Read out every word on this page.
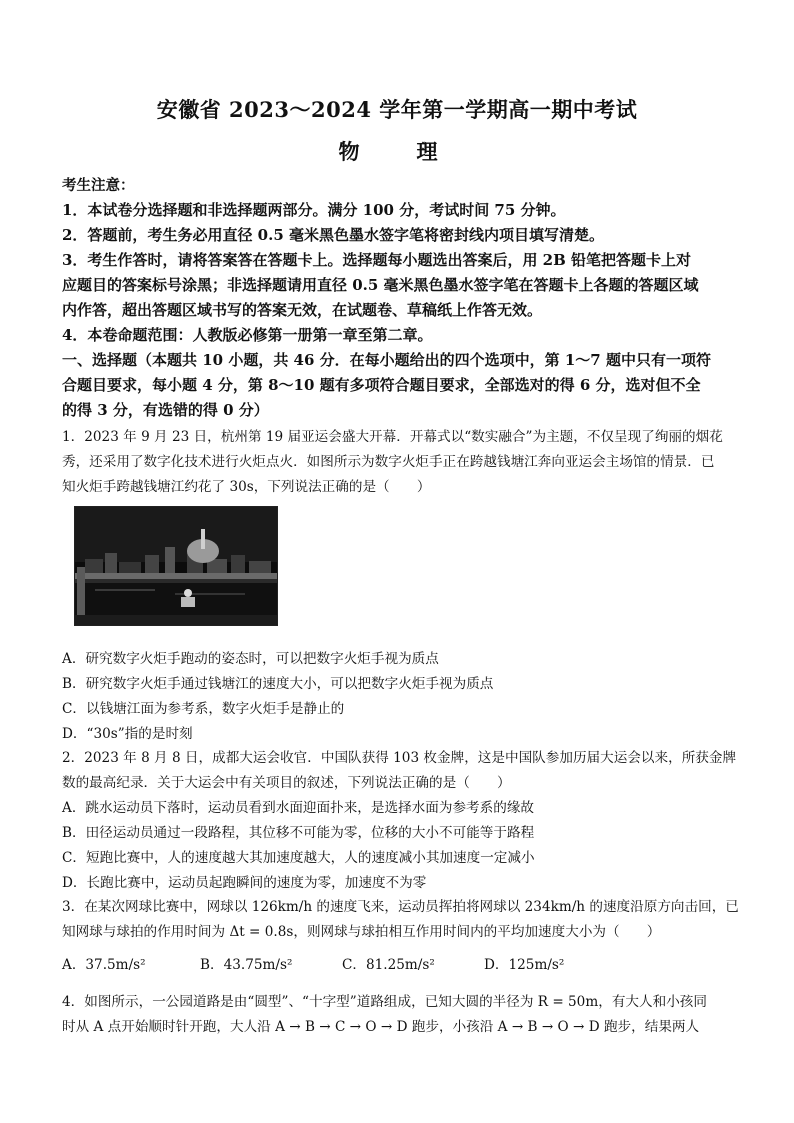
安徽省 2023～2024 学年第一学期高一期中考试
物　理
考生注意：
1．本试卷分选择题和非选择题两部分。满分 100 分，考试时间 75 分钟。
2．答题前，考生务必用直径 0.5 毫米黑色墨水签字笔将密封线内项目填写清楚。
3．考生作答时，请将答案答在答题卡上。选择题每小题选出答案后，用 2B 铅笔把答题卡上对
应题目的答案标号涂黑；非选择题请用直径 0.5 毫米黑色墨水签字笔在答题卡上各题的答题区域
内作答，超出答题区域书写的答案无效，在试题卷、草稿纸上作答无效。
4．本卷命题范围：人教版必修第一册第一章至第二章。
一、选择题（本题共 10 小题，共 46 分．在每小题给出的四个选项中，第 1～7 题中只有一项符
合题目要求，每小题 4 分，第 8～10 题有多项符合题目要求，全部选对的得 6 分，选对但不全
的得 3 分，有选错的得 0 分）
1．2023 年 9 月 23 日，杭州第 19 届亚运会盛大开幕．开幕式以“数实融合”为主题，不仅呈现了绚丽的烟花
秀，还采用了数字化技术进行火炬点火．如图所示为数字火炬手正在跨越钱塘江奔向亚运会主场馆的情景．已
知火炬手跨越钱塘江约花了 30s，下列说法正确的是（　　）
A．研究数字火炬手跑动的姿态时，可以把数字火炬手视为质点
B．研究数字火炬手通过钱塘江的速度大小，可以把数字火炬手视为质点
C．以钱塘江面为参考系，数字火炬手是静止的
D．“30s”指的是时刻
2．2023 年 8 月 8 日，成都大运会收官．中国队获得 103 枚金牌，这是中国队参加历届大运会以来，所获金牌
数的最高纪录．关于大运会中有关项目的叙述，下列说法正确的是（　　）
A．跳水运动员下落时，运动员看到水面迎面扑来，是选择水面为参考系的缘故
B．田径运动员通过一段路程，其位移不可能为零，位移的大小不可能等于路程
C．短跑比赛中，人的速度越大其加速度越大，人的速度减小其加速度一定减小
D．长跑比赛中，运动员起跑瞬间的速度为零，加速度不为零
3．在某次网球比赛中，网球以 126km/h 的速度飞来，运动员挥拍将网球以 234km/h 的速度沿原方向击回，已
知网球与球拍的作用时间为 Δt = 0.8s，则网球与球拍相互作用时间内的平均加速度大小为（　　）
A．37.5m/s²	B．43.75m/s²	C．81.25m/s²	D．125m/s²
4．如图所示，一公园道路是由“圆型”、“十字型”道路组成，已知大圆的半径为 R = 50m，有大人和小孩同
时从 A 点开始顺时针开跑，大人沿 A → B → C → O → D 跑步，小孩沿 A → B → O → D 跑步，结果两人
